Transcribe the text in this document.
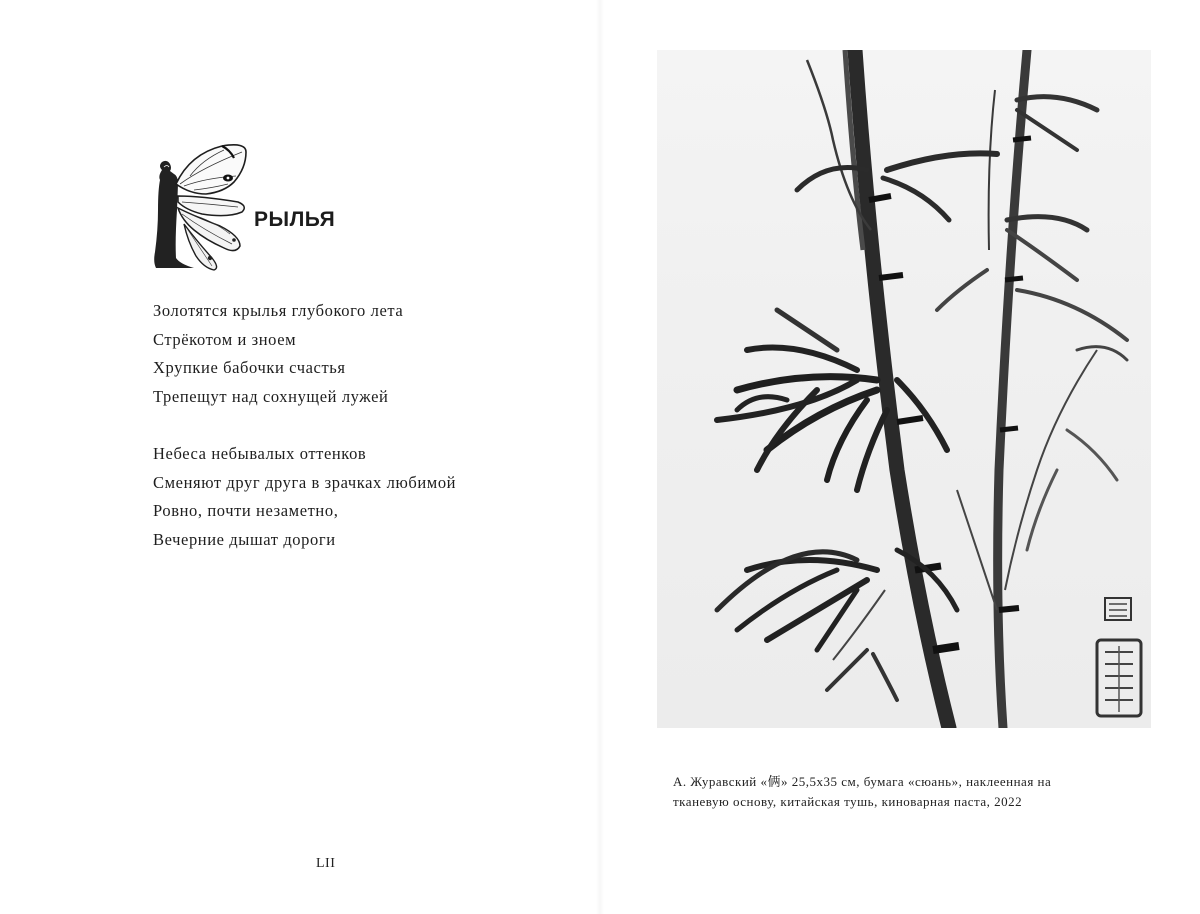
РЫЛЬЯ
Золотятся крылья глубокого лета
Стрёкотом и зноем
Хрупкие бабочки счастья
Трепещут над сохнущей лужей
Небеса небывалых оттенков
Сменяют друг друга в зрачках любимой
Ровно, почти незаметно,
Вечерние дышат дороги
LII
А. Журавский «俩» 25,5х35 см, бумага «сюань», наклеенная на
тканевую основу, китайская тушь, киноварная паста, 2022
